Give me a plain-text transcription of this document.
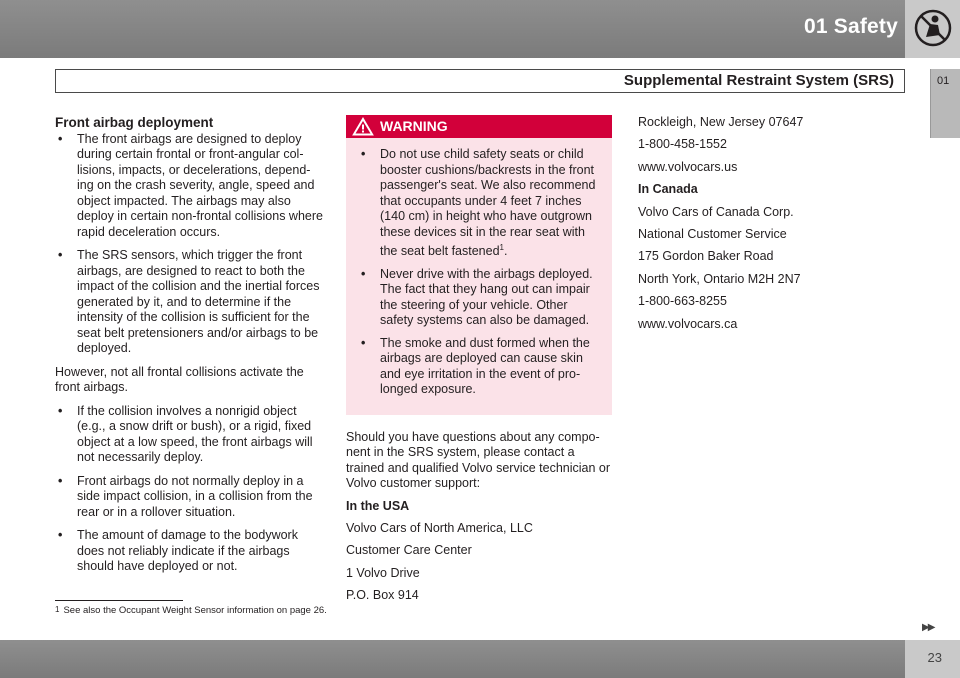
01 Safety
01
Supplemental Restraint System (SRS)
Front airbag deployment
• The front airbags are designed to deploy during certain frontal or front-angular col-lisions, impacts, or decelerations, depend-ing on the crash severity, angle, speed and object impacted. The airbags may also deploy in certain non-frontal collisions where rapid deceleration occurs.
• The SRS sensors, which trigger the front airbags, are designed to react to both the impact of the collision and the inertial forces generated by it, and to determine if the intensity of the collision is sufficient for the seat belt pretensioners and/or airbags to be deployed.

However, not all frontal collisions activate the front airbags.

• If the collision involves a nonrigid object (e.g., a snow drift or bush), or a rigid, fixed object at a low speed, the front airbags will not necessarily deploy.
• Front airbags do not normally deploy in a side impact collision, in a collision from the rear or in a rollover situation.
• The amount of damage to the bodywork does not reliably indicate if the airbags should have deployed or not.
WARNING
• Do not use child safety seats or child booster cushions/backrests in the front passenger's seat. We also recommend that occupants under 4 feet 7 inches (140 cm) in height who have outgrown these devices sit in the rear seat with the seat belt fastened$^1$.
• Never drive with the airbags deployed. The fact that they hang out can impair the steering of your vehicle. Other safety systems can also be damaged.
• The smoke and dust formed when the airbags are deployed can cause skin and eye irritation in the event of pro-longed exposure.

Should you have questions about any compo-nent in the SRS system, please contact a trained and qualified Volvo service technician or Volvo customer support:

In the USA

Volvo Cars of North America, LLC

Customer Care Center

1 Volvo Drive

P.O. Box 914

Rockleigh, New Jersey 07647

1-800-458-1552

www.volvocars.us

In Canada

Volvo Cars of Canada Corp.

National Customer Service

175 Gordon Baker Road

North York, Ontario M2H 2N7

1-800-663-8255

www.volvocars.ca

$^1$ See also the Occupant Weight Sensor information on page 26.
▶▶
23
